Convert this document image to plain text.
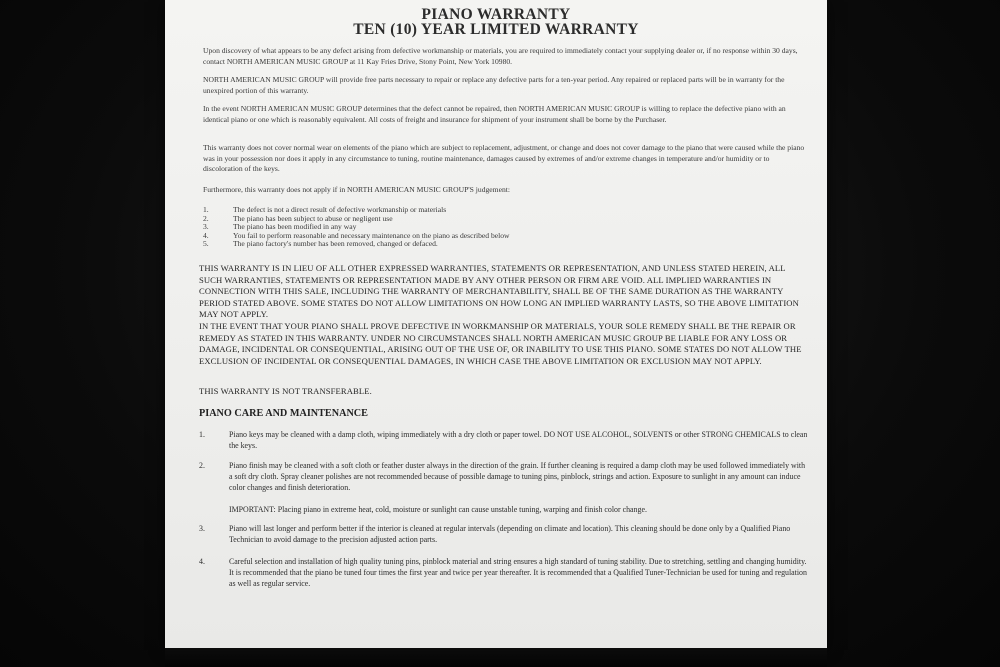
PIANO WARRANTY
TEN (10) YEAR LIMITED WARRANTY
Upon discovery of what appears to be any defect arising from defective workmanship or materials, you are required to immediately contact your supplying dealer or, if no response within 30 days, contact NORTH AMERICAN MUSIC GROUP at 11 Kay Fries Drive, Stony Point, New York 10980.
NORTH AMERICAN MUSIC GROUP will provide free parts necessary to repair or replace any defective parts for a ten-year period. Any repaired or replaced parts will be in warranty for the unexpired portion of this warranty.
In the event NORTH AMERICAN MUSIC GROUP determines that the defect cannot be repaired, then NORTH AMERICAN MUSIC GROUP is willing to replace the defective piano with an identical piano or one which is reasonably equivalent. All costs of freight and insurance for shipment of your instrument shall be borne by the Purchaser.
This warranty does not cover normal wear on elements of the piano which are subject to replacement, adjustment, or change and does not cover damage to the piano that were caused while the piano was in your possession nor does it apply in any circumstance to tuning, routine maintenance, damages caused by extremes of and/or extreme changes in temperature and/or humidity or to discoloration of the keys.
Furthermore, this warranty does not apply if in NORTH AMERICAN MUSIC GROUP'S judgement:
1.	The defect is not a direct result of defective workmanship or materials
2.	The piano has been subject to abuse or negligent use
3.	The piano has been modified in any way
4.	You fail to perform reasonable and necessary maintenance on the piano as described below
5.	The piano factory's number has been removed, changed or defaced.
THIS WARRANTY IS IN LIEU OF ALL OTHER EXPRESSED WARRANTIES, STATEMENTS OR REPRESENTATION, AND UNLESS STATED HEREIN, ALL SUCH WARRANTIES, STATEMENTS OR REPRESENTATION MADE BY ANY OTHER PERSON OR FIRM ARE VOID. ALL IMPLIED WARRANTIES IN CONNECTION WITH THIS SALE, INCLUDING THE WARRANTY OF MERCHANTABILITY, SHALL BE OF THE SAME DURATION AS THE WARRANTY PERIOD STATED ABOVE. SOME STATES DO NOT ALLOW LIMITATIONS ON HOW LONG AN IMPLIED WARRANTY LASTS, SO THE ABOVE LIMITATION MAY NOT APPLY.
IN THE EVENT THAT YOUR PIANO SHALL PROVE DEFECTIVE IN WORKMANSHIP OR MATERIALS, YOUR SOLE REMEDY SHALL BE THE REPAIR OR REMEDY AS STATED IN THIS WARRANTY. UNDER NO CIRCUMSTANCES SHALL NORTH AMERICAN MUSIC GROUP BE LIABLE FOR ANY LOSS OR DAMAGE, INCIDENTAL OR CONSEQUENTIAL, ARISING OUT OF THE USE OF, OR INABILITY TO USE THIS PIANO. SOME STATES DO NOT ALLOW THE EXCLUSION OF INCIDENTAL OR CONSEQUENTIAL DAMAGES, IN WHICH CASE THE ABOVE LIMITATION OR EXCLUSION MAY NOT APPLY.
THIS WARRANTY IS NOT TRANSFERABLE.
PIANO CARE AND MAINTENANCE
1.	Piano keys may be cleaned with a damp cloth, wiping immediately with a dry cloth or paper towel. DO NOT USE ALCOHOL, SOLVENTS or other STRONG CHEMICALS to clean the keys.
2.	Piano finish may be cleaned with a soft cloth or feather duster always in the direction of the grain. If further cleaning is required a damp cloth may be used followed immediately with a soft dry cloth. Spray cleaner polishes are not recommended because of possible damage to tuning pins, pinblock, strings and action. Exposure to sunlight in any amount can induce color changes and finish deterioration.
IMPORTANT: Placing piano in extreme heat, cold, moisture or sunlight can cause unstable tuning, warping and finish color change.
3.	Piano will last longer and perform better if the interior is cleaned at regular intervals (depending on climate and location). This cleaning should be done only by a Qualified Piano Technician to avoid damage to the precision adjusted action parts.
4.	Careful selection and installation of high quality tuning pins, pinblock material and string ensures a high standard of tuning stability. Due to stretching, settling and changing humidity. It is recommended that the piano be tuned four times the first year and twice per year thereafter. It is recommended that a Qualified Tuner-Technician be used for tuning and regulation as well as regular service.
